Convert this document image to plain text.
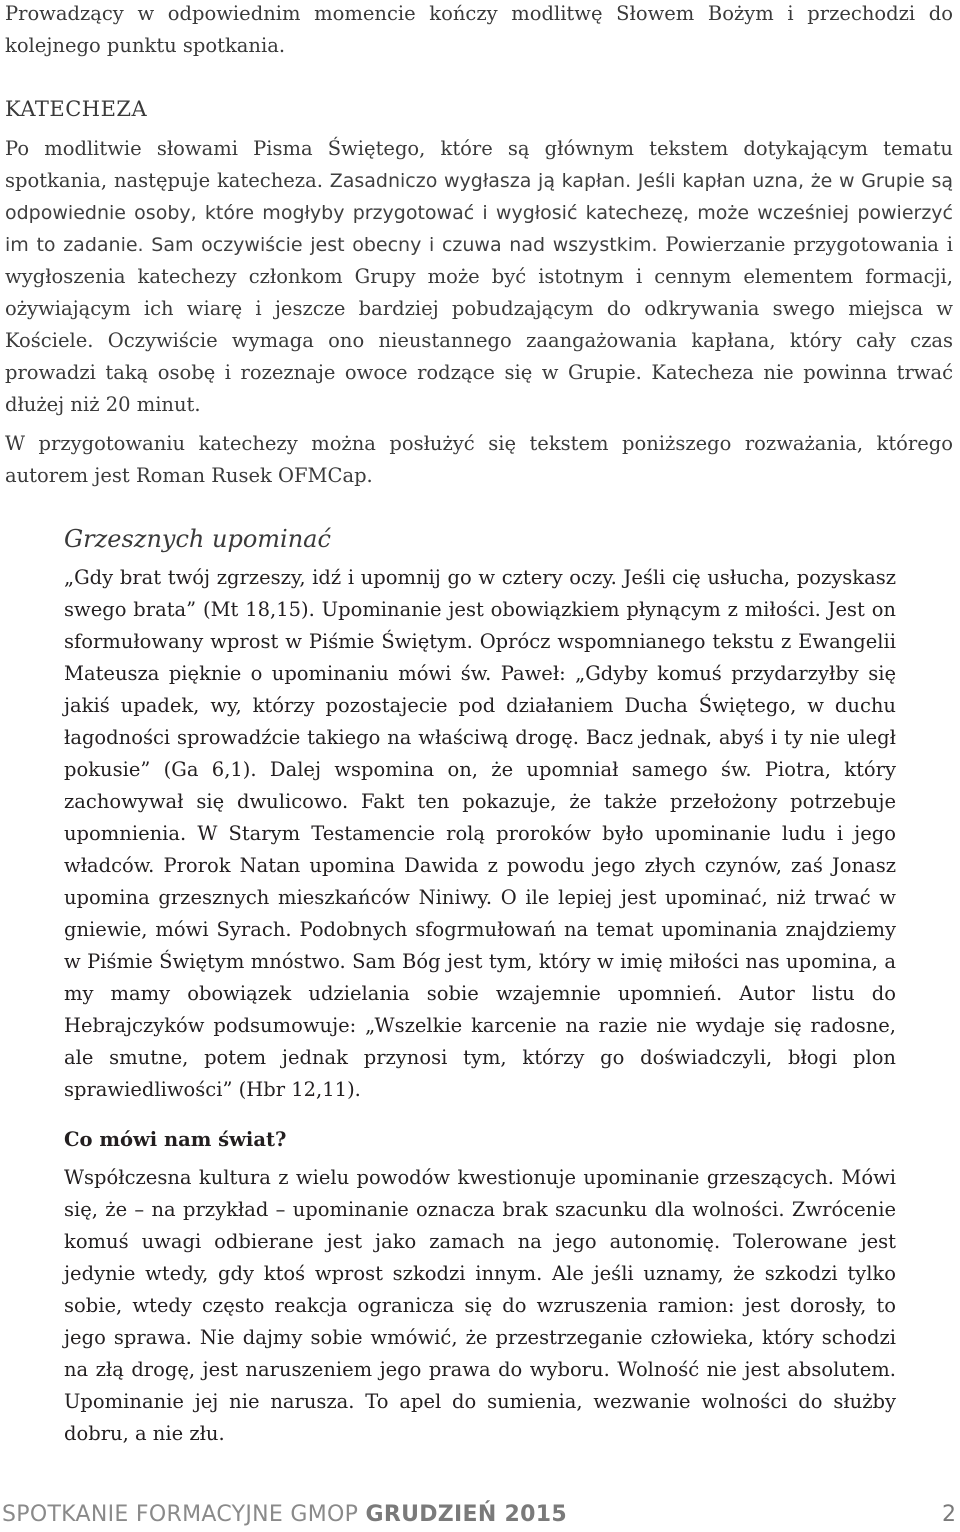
Prowadzący w odpowiednim momencie kończy modlitwę Słowem Bożym i przechodzi do kolejnego punktu spotkania.

KATECHEZA

Po modlitwie słowami Pisma Świętego, które są głównym tekstem dotykającym tematu spotkania, następuje katecheza. Zasadniczo wygłasza ją kapłan. Jeśli kapłan uzna, że w Grupie są odpowiednie osoby, które mogłyby przygotować i wygłosić katechezę, może wcześniej powierzyć im to zadanie. Sam oczywiście jest obecny i czuwa nad wszystkim. Powierzanie przygotowania i wygłoszenia katechezy członkom Grupy może być istotnym i cennym elementem formacji, ożywiającym ich wiarę i jeszcze bardziej pobudzającym do odkrywania swego miejsca w Kościele. Oczywiście wymaga ono nieustannego zaangażowania kapłana, który cały czas prowadzi taką osobę i rozeznaje owoce rodzące się w Grupie. Katecheza nie powinna trwać dłużej niż 20 minut.

W przygotowaniu katechezy można posłużyć się tekstem poniższego rozważania, którego autorem jest Roman Rusek OFMCap.

Grzesznych upominać

„Gdy brat twój zgrzeszy, idź i upomnij go w cztery oczy. Jeśli cię usłucha, pozyskasz swego brata” (Mt 18,15). Upominanie jest obowiązkiem płynącym z miłości. Jest on sformułowany wprost w Piśmie Świętym. Oprócz wspomnianego tekstu z Ewangelii Mateusza pięknie o upominaniu mówi św. Paweł: „Gdyby komuś przydarzyłby się jakiś upadek, wy, którzy pozostajecie pod działaniem Ducha Świętego, w duchu łagodności sprowadźcie takiego na właściwą drogę. Bacz jednak, abyś i ty nie uległ pokusie” (Ga 6,1). Dalej wspomina on, że upomniał samego św. Piotra, który zachowywał się dwulicowo. Fakt ten pokazuje, że także przełożony potrzebuje upomnienia. W Starym Testamencie rolą proroków było upominanie ludu i jego władców. Prorok Natan upomina Dawida z powodu jego złych czynów, zaś Jonasz upomina grzesznych mieszkańców Niniwy. O ile lepiej jest upominać, niż trwać w gniewie, mówi Syrach. Podobnych sfogrmułowań na temat upominania znajdziemy w Piśmie Świętym mnóstwo. Sam Bóg jest tym, który w imię miłości nas upomina, a my mamy obowiązek udzielania sobie wzajemnie upomnień. Autor listu do Hebrajczyków podsumowuje: „Wszelkie karcenie na razie nie wydaje się radosne, ale smutne, potem jednak przynosi tym, którzy go doświadczyli, błogi plon sprawiedliwości” (Hbr 12,11).

Co mówi nam świat?

Współczesna kultura z wielu powodów kwestionuje upominanie grzeszących. Mówi się, że – na przykład – upominanie oznacza brak szacunku dla wolności. Zwrócenie komuś uwagi odbierane jest jako zamach na jego autonomię. Tolerowane jest jedynie wtedy, gdy ktoś wprost szkodzi innym. Ale jeśli uznamy, że szkodzi tylko sobie, wtedy często reakcja ogranicza się do wzruszenia ramion: jest dorosły, to jego sprawa. Nie dajmy sobie wmówić, że przestrzeganie człowieka, który schodzi na złą drogę, jest naruszeniem jego prawa do wyboru. Wolność nie jest absolutem. Upominanie jej nie narusza. To apel do sumienia, wezwanie wolności do służby dobru, a nie złu.

SPOTKANIE FORMACYJNE GMOP GRUDZIEŃ 2015	2
